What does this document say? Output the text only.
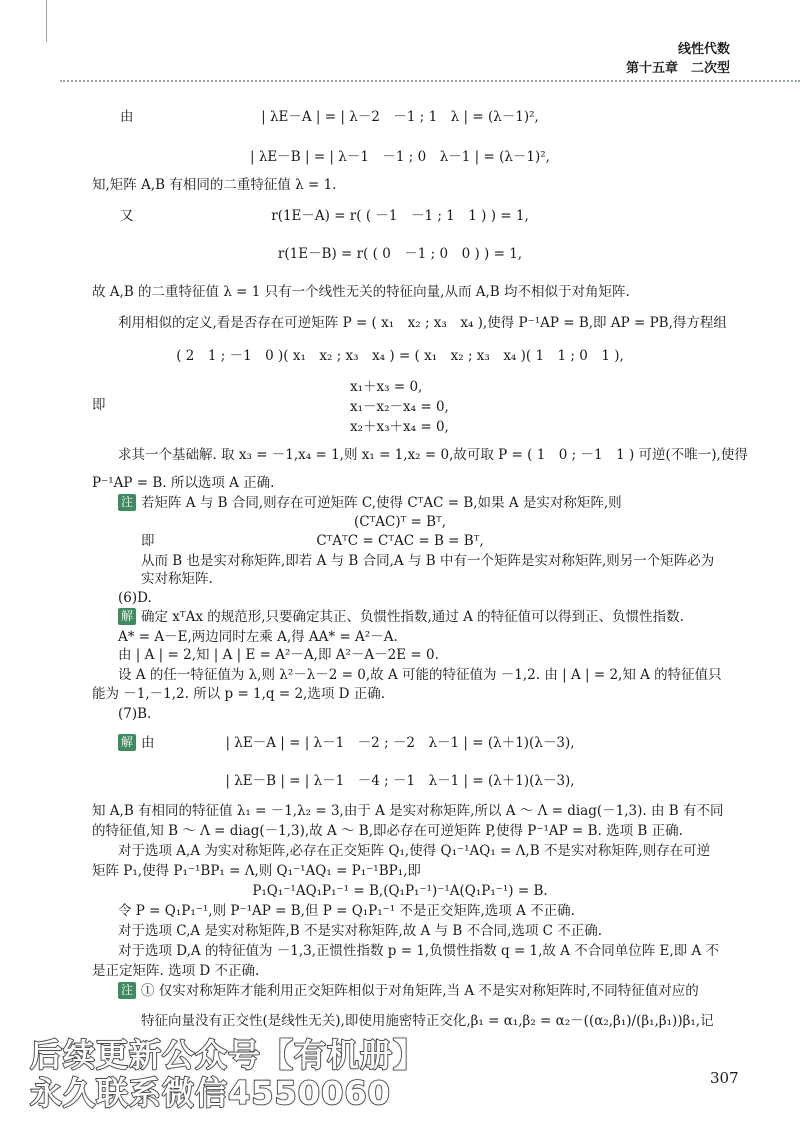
线性代数
第十五章　二次型
由	| λE－A | = | λ－2　－1 ; 1　λ | = (λ－1)²,
| λE－B | = | λ－1　－1 ; 0　λ－1 | = (λ－1)²,
知,矩阵 A,B 有相同的二重特征值 λ = 1.
又	r(1E－A) = r( ( －1　－1 ; 1　1 ) ) = 1,
r(1E－B) = r( ( 0　－1 ; 0　0 ) ) = 1,
故 A,B 的二重特征值 λ = 1 只有一个线性无关的特征向量,从而 A,B 均不相似于对角矩阵.
利用相似的定义,看是否存在可逆矩阵 P = ( x₁　x₂ ; x₃　x₄ ),使得 P⁻¹AP = B,即 AP = PB,得方程组
( 2　1 ; －1　0 )( x₁　x₂ ; x₃　x₄ ) = ( x₁　x₂ ; x₃　x₄ )( 1　1 ; 0　1 ),
即
x₁＋x₃ = 0,
x₁－x₂－x₄ = 0,
x₂＋x₃＋x₄ = 0,
求其一个基础解. 取 x₃ = －1,x₄ = 1,则 x₁ = 1,x₂ = 0,故可取 P = ( 1　0 ; －1　1 ) 可逆(不唯一),使得
P⁻¹AP = B. 所以选项 A 正确.
注 若矩阵 A 与 B 合同,则存在可逆矩阵 C,使得 CᵀAC = B,如果 A 是实对称矩阵,则
(CᵀAC)ᵀ = Bᵀ,
即	CᵀAᵀC = CᵀAC = B = Bᵀ,
从而 B 也是实对称矩阵,即若 A 与 B 合同,A 与 B 中有一个矩阵是实对称矩阵,则另一个矩阵必为
实对称矩阵.
(6)D.
解 确定 xᵀAx 的规范形,只要确定其正、负惯性指数,通过 A 的特征值可以得到正、负惯性指数.
A* = A－E,两边同时左乘 A,得 AA* = A²－A.
由 | A | = 2,知 | A | E = A²－A,即 A²－A－2E = 0.
设 A 的任一特征值为 λ,则 λ²－λ－2 = 0,故 A 可能的特征值为 －1,2. 由 | A | = 2,知 A 的特征值只
能为 －1,－1,2. 所以 p = 1,q = 2,选项 D 正确.
(7)B.
解 由	| λE－A | = | λ－1　－2 ; －2　λ－1 | = (λ＋1)(λ－3),
| λE－B | = | λ－1　－4 ; －1　λ－1 | = (λ＋1)(λ－3),
知 A,B 有相同的特征值 λ₁ = －1,λ₂ = 3,由于 A 是实对称矩阵,所以 A ～ Λ = diag(－1,3). 由 B 有不同
的特征值,知 B ～ Λ = diag(－1,3),故 A ～ B,即必存在可逆矩阵 P,使得 P⁻¹AP = B. 选项 B 正确.
对于选项 A,A 为实对称矩阵,必存在正交矩阵 Q₁,使得 Q₁⁻¹AQ₁ = Λ,B 不是实对称矩阵,则存在可逆
矩阵 P₁,使得 P₁⁻¹BP₁ = Λ,则 Q₁⁻¹AQ₁ = P₁⁻¹BP₁,即
P₁Q₁⁻¹AQ₁P₁⁻¹ = B,(Q₁P₁⁻¹)⁻¹A(Q₁P₁⁻¹) = B.
令 P = Q₁P₁⁻¹,则 P⁻¹AP = B,但 P = Q₁P₁⁻¹ 不是正交矩阵,选项 A 不正确.
对于选项 C,A 是实对称矩阵,B 不是实对称矩阵,故 A 与 B 不合同,选项 C 不正确.
对于选项 D,A 的特征值为 －1,3,正惯性指数 p = 1,负惯性指数 q = 1,故 A 不合同单位阵 E,即 A 不
是正定矩阵. 选项 D 不正确.
注 ① 仅实对称矩阵才能利用正交矩阵相似于对角矩阵,当 A 不是实对称矩阵时,不同特征值对应的
特征向量没有正交性(是线性无关),即使用施密特正交化,β₁ = α₁,β₂ = α₂－((α₂,β₁)/(β₁,β₁))β₁,记
后续更新公众号【有机册】
永久联系微信4550060	307
